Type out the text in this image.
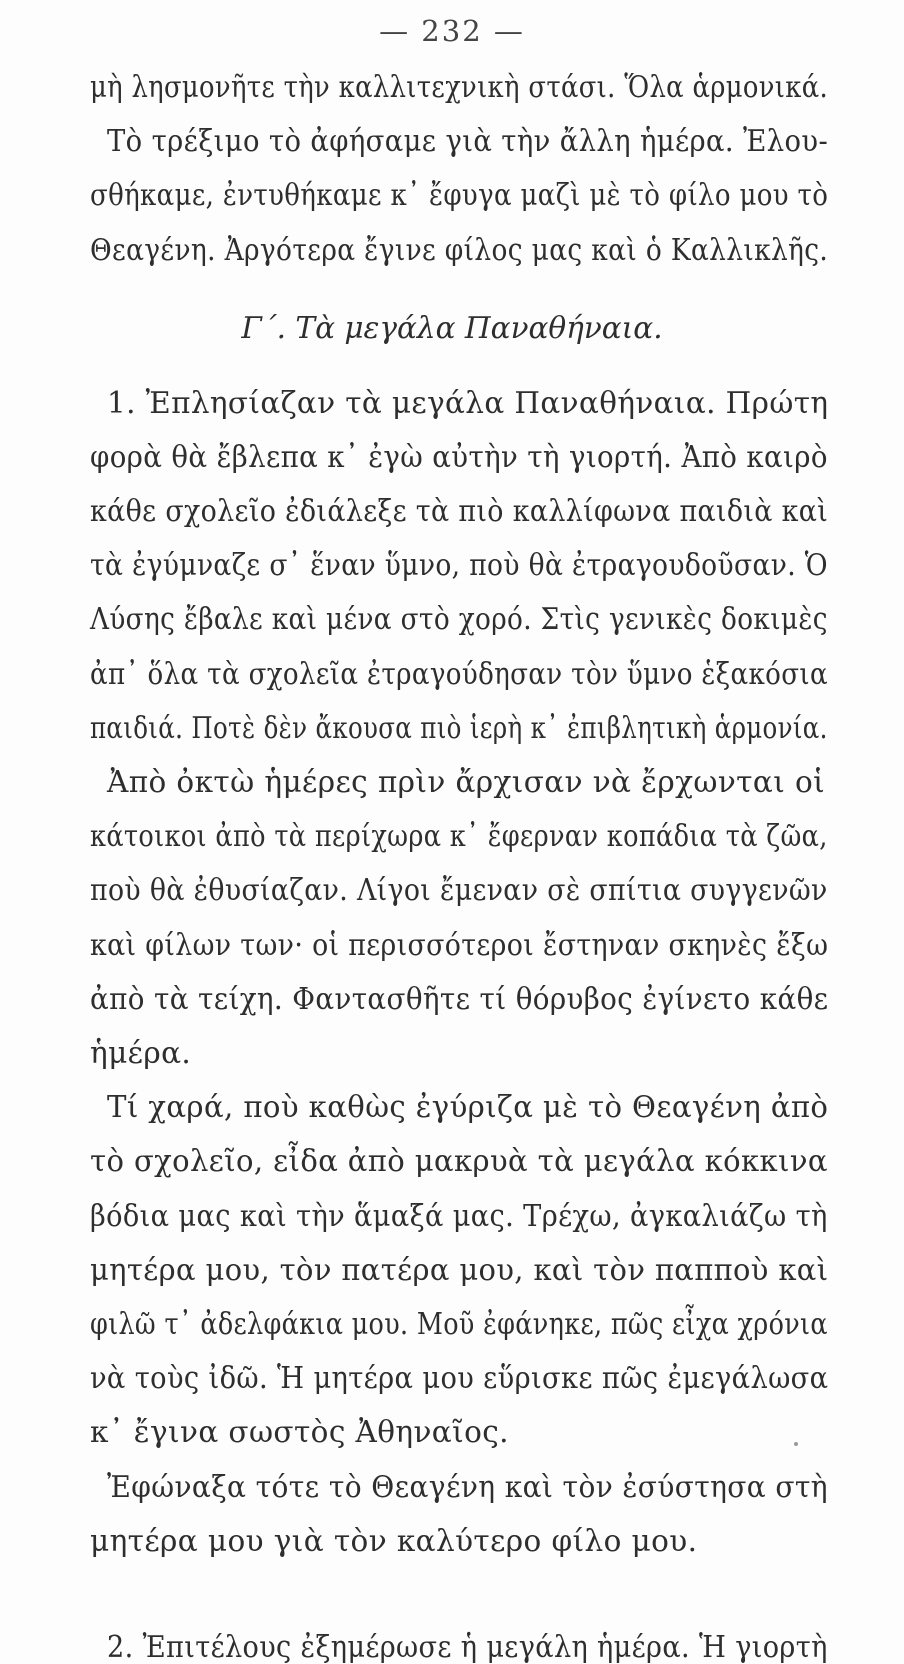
— 232 —
μὴ λησμονῆτε τὴν καλλιτεχνικὴ στάσι. Ὅλα ἁρμονικά.
Τὸ τρέξιμο τὸ ἀφήσαμε γιὰ τὴν ἄλλη ἡμέρα. Ἐλου-
σθήκαμε, ἐντυθήκαμε κ᾽ ἔφυγα μαζὶ μὲ τὸ φίλο μου τὸ
Θεαγένη. Ἀργότερα ἔγινε φίλος μας καὶ ὁ Καλλικλῆς.
Γ΄. Τὰ μεγάλα Παναθήναια.
1. Ἐπλησίαζαν τὰ μεγάλα Παναθήναια. Πρώτη
φορὰ θὰ ἔβλεπα κ᾽ ἐγὼ αὐτὴν τὴ γιορτή. Ἀπὸ καιρὸ
κάθε σχολεῖο ἐδιάλεξε τὰ πιὸ καλλίφωνα παιδιὰ καὶ
τὰ ἐγύμναζε σ᾽ ἕναν ὕμνο, ποὺ θὰ ἐτραγουδοῦσαν. Ὁ
Λύσης ἔβαλε καὶ μένα στὸ χορό. Στὶς γενικὲς δοκιμὲς
ἀπ᾽ ὅλα τὰ σχολεῖα ἐτραγούδησαν τὸν ὕμνο ἑξακόσια
παιδιά. Ποτὲ δὲν ἄκουσα πιὸ ἱερὴ κ᾽ ἐπιβλητικὴ ἁρμονία.
Ἀπὸ ὀκτὼ ἡμέρες πρὶν ἄρχισαν νὰ ἔρχωνται οἱ
κάτοικοι ἀπὸ τὰ περίχωρα κ᾽ ἔφερναν κοπάδια τὰ ζῶα,
ποὺ θὰ ἐθυσίαζαν. Λίγοι ἔμεναν σὲ σπίτια συγγενῶν
καὶ φίλων των· οἱ περισσότεροι ἔστηναν σκηνὲς ἔξω
ἀπὸ τὰ τείχη. Φαντασθῆτε τί θόρυβος ἐγίνετο κάθε
ἡμέρα.
Τί χαρά, ποὺ καθὼς ἐγύριζα μὲ τὸ Θεαγένη ἀπὸ
τὸ σχολεῖο, εἶδα ἀπὸ μακρυὰ τὰ μεγάλα κόκκινα
βόδια μας καὶ τὴν ἅμαξά μας. Τρέχω, ἀγκαλιάζω τὴ
μητέρα μου, τὸν πατέρα μου, καὶ τὸν παπποὺ καὶ
φιλῶ τ᾽ ἀδελφάκια μου. Μοῦ ἐφάνηκε, πῶς εἶχα χρόνια
νὰ τοὺς ἰδῶ. Ἡ μητέρα μου εὕρισκε πῶς ἐμεγάλωσα
κ᾽ ἔγινα σωστὸς Ἀθηναῖος.
Ἐφώναξα τότε τὸ Θεαγένη καὶ τὸν ἐσύστησα στὴ
μητέρα μου γιὰ τὸν καλύτερο φίλο μου.
2. Ἐπιτέλους ἐξημέρωσε ἡ μεγάλη ἡμέρα. Ἡ γιορτὴ
